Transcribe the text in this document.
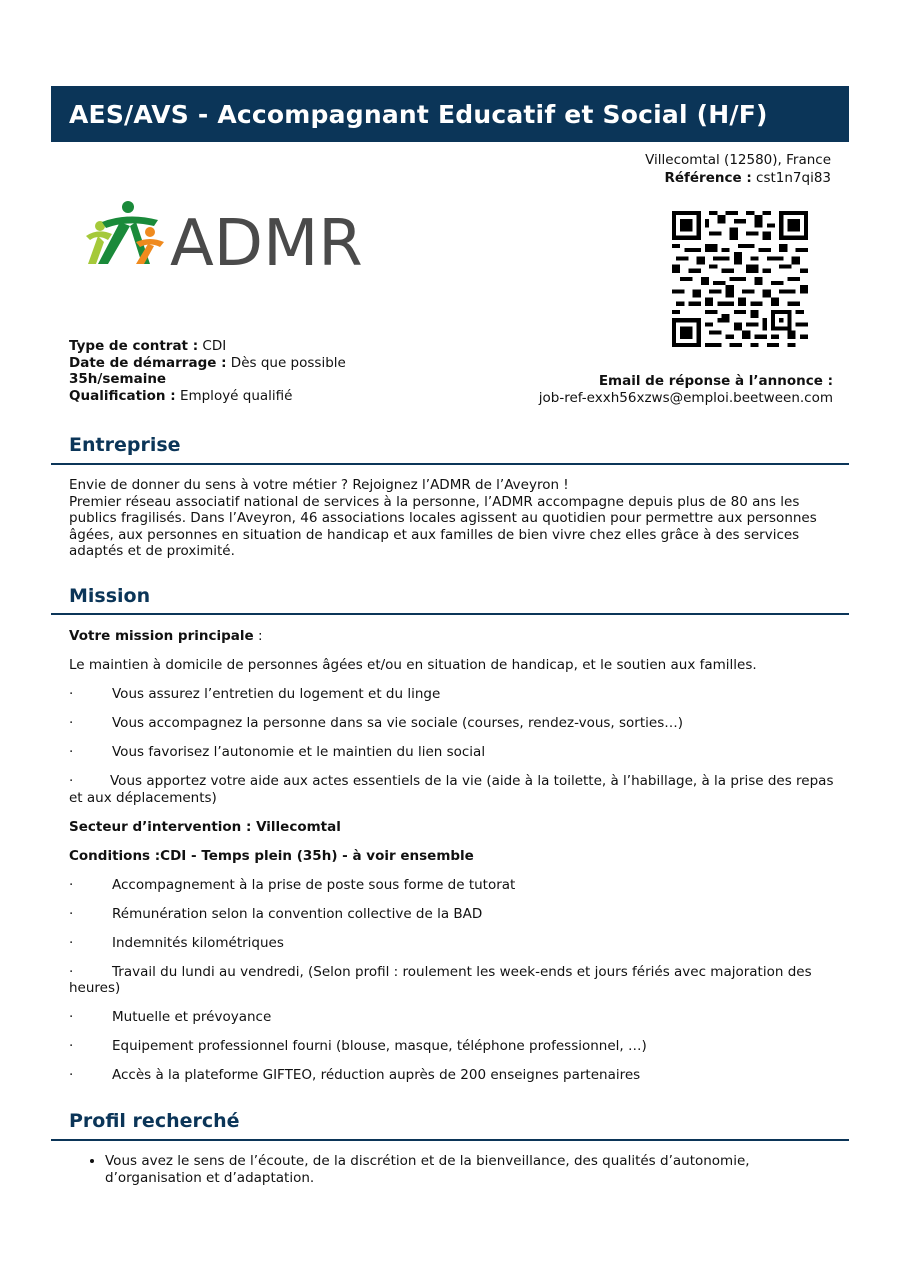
AES/AVS - Accompagnant Educatif et Social (H/F)
Villecomtal (12580), France
Référence : cst1n7qi83
ADMR
Type de contrat : CDI
Date de démarrage : Dès que possible
35h/semaine
Qualification : Employé qualifié
Email de réponse à l’annonce :
job-ref-exxh56xzws@emploi.beetween.com
Entreprise

Envie de donner du sens à votre métier ? Rejoignez l’ADMR de l’Aveyron !

Premier réseau associatif national de services à la personne, l’ADMR accompagne depuis plus de 80 ans les publics fragilisés. Dans l’Aveyron, 46 associations locales agissent au quotidien pour permettre aux personnes âgées, aux personnes en situation de handicap et aux familles de bien vivre chez elles grâce à des services adaptés et de proximité.

Mission

Votre mission principale :

Le maintien à domicile de personnes âgées et/ou en situation de handicap, et le soutien aux familles.

·	Vous assurez l’entretien du logement et du linge

·	Vous accompagnez la personne dans sa vie sociale (courses, rendez-vous, sorties…)

·	Vous favorisez l’autonomie et le maintien du lien social

·	Vous apportez votre aide aux actes essentiels de la vie (aide à la toilette, à l’habillage, à la prise des repas et aux déplacements)

Secteur d’intervention : Villecomtal

Conditions :CDI - Temps plein (35h) - à voir ensemble

·	Accompagnement à la prise de poste sous forme de tutorat

·	Rémunération selon la convention collective de la BAD

·	Indemnités kilométriques

·	Travail du lundi au vendredi, (Selon profil : roulement les week-ends et jours fériés avec majoration des heures)

·	Mutuelle et prévoyance

·	Equipement professionnel fourni (blouse, masque, téléphone professionnel, …)

·	Accès à la plateforme GIFTEO, réduction auprès de 200 enseignes partenaires

Profil recherché
• Vous avez le sens de l’écoute, de la discrétion et de la bienveillance, des qualités d’autonomie, d’organisation et d’adaptation.
